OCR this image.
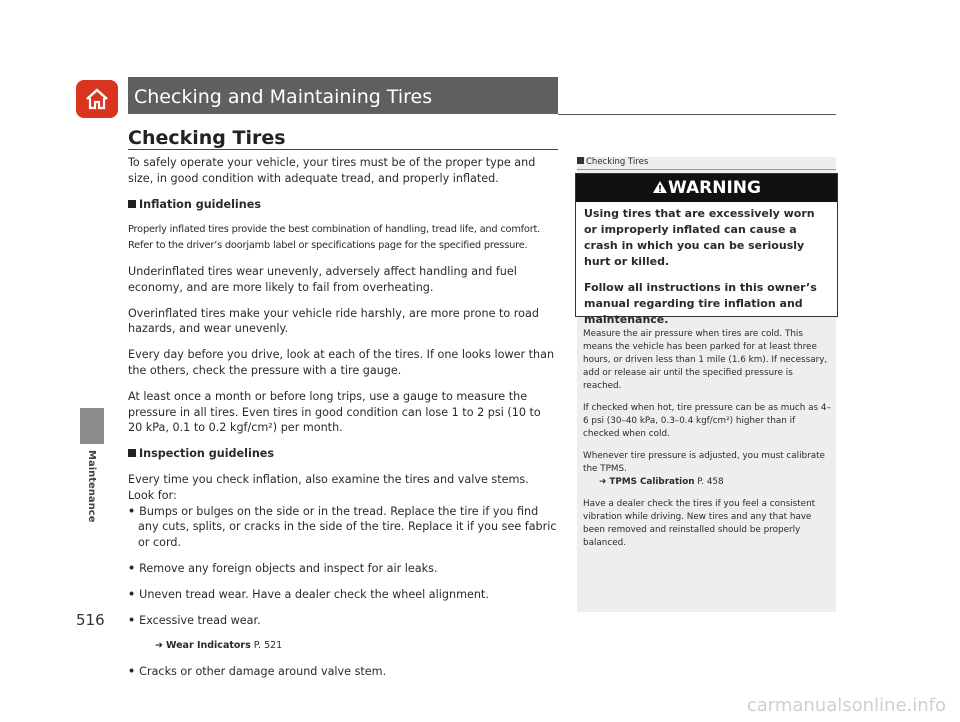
Checking and Maintaining Tires
Maintenance
516
Checking Tires

To safely operate your vehicle, your tires must be of the proper type and size, in good condition with adequate tread, and properly inflated.

Inflation guidelines

Properly inflated tires provide the best combination of handling, tread life, and comfort. Refer to the driver’s doorjamb label or specifications page for the specified pressure.

Underinflated tires wear unevenly, adversely affect handling and fuel economy, and are more likely to fail from overheating.

Overinflated tires make your vehicle ride harshly, are more prone to road hazards, and wear unevenly.

Every day before you drive, look at each of the tires. If one looks lower than the others, check the pressure with a tire gauge.

At least once a month or before long trips, use a gauge to measure the pressure in all tires. Even tires in good condition can lose 1 to 2 psi (10 to 20 kPa, 0.1 to 0.2 kgf/cm²) per month.

Inspection guidelines

Every time you check inflation, also examine the tires and valve stems.

Look for:

• Bumps or bulges on the side or in the tread. Replace the tire if you find any cuts, splits, or cracks in the side of the tire. Replace it if you see fabric or cord.

• Remove any foreign objects and inspect for air leaks.

• Uneven tread wear. Have a dealer check the wheel alignment.

• Excessive tread wear.

➜ Wear Indicators P. 521

• Cracks or other damage around valve stem.

Checking Tires
WARNING

Using tires that are excessively worn or improperly inflated can cause a crash in which you can be seriously hurt or killed.

Follow all instructions in this owner’s manual regarding tire inflation and maintenance.

Measure the air pressure when tires are cold. This means the vehicle has been parked for at least three hours, or driven less than 1 mile (1.6 km). If necessary, add or release air until the specified pressure is reached.

If checked when hot, tire pressure can be as much as 4–6 psi (30–40 kPa, 0.3–0.4 kgf/cm²) higher than if checked when cold.

Whenever tire pressure is adjusted, you must calibrate the TPMS.

➜ TPMS Calibration P. 458

Have a dealer check the tires if you feel a consistent vibration while driving. New tires and any that have been removed and reinstalled should be properly balanced.

carmanualsonline.info
